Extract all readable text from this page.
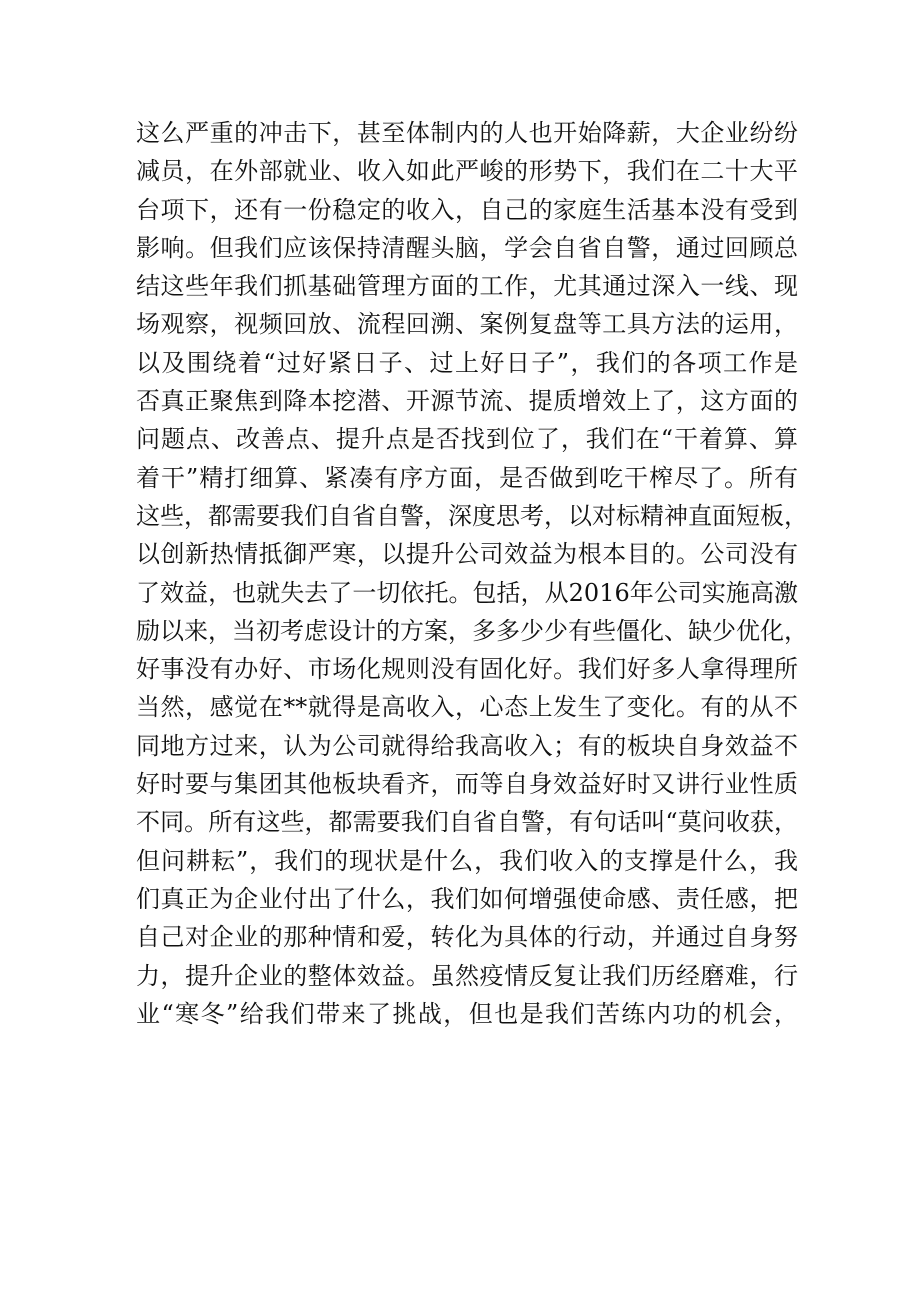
这么严重的冲击下，甚至体制内的人也开始降薪，大企业纷纷
减员，在外部就业、收入如此严峻的形势下，我们在二十大平
台项下，还有一份稳定的收入，自己的家庭生活基本没有受到
影响。但我们应该保持清醒头脑，学会自省自警，通过回顾总
结这些年我们抓基础管理方面的工作，尤其通过深入一线、现
场观察，视频回放、流程回溯、案例复盘等工具方法的运用，
以及围绕着“过好紧日子、过上好日子”，我们的各项工作是
否真正聚焦到降本挖潜、开源节流、提质增效上了，这方面的
问题点、改善点、提升点是否找到位了，我们在“干着算、算
着干”精打细算、紧凑有序方面，是否做到吃干榨尽了。所有
这些，都需要我们自省自警，深度思考，以对标精神直面短板，
以创新热情抵御严寒，以提升公司效益为根本目的。公司没有
了效益，也就失去了一切依托。包括，从2016年公司实施高激
励以来，当初考虑设计的方案，多多少少有些僵化、缺少优化，
好事没有办好、市场化规则没有固化好。我们好多人拿得理所
当然，感觉在**就得是高收入，心态上发生了变化。有的从不
同地方过来，认为公司就得给我高收入；有的板块自身效益不
好时要与集团其他板块看齐，而等自身效益好时又讲行业性质
不同。所有这些，都需要我们自省自警，有句话叫“莫问收获，
但问耕耘”，我们的现状是什么，我们收入的支撑是什么，我
们真正为企业付出了什么，我们如何增强使命感、责任感，把
自己对企业的那种情和爱，转化为具体的行动，并通过自身努
力，提升企业的整体效益。虽然疫情反复让我们历经磨难，行
业“寒冬”给我们带来了挑战，但也是我们苦练内功的机会，
